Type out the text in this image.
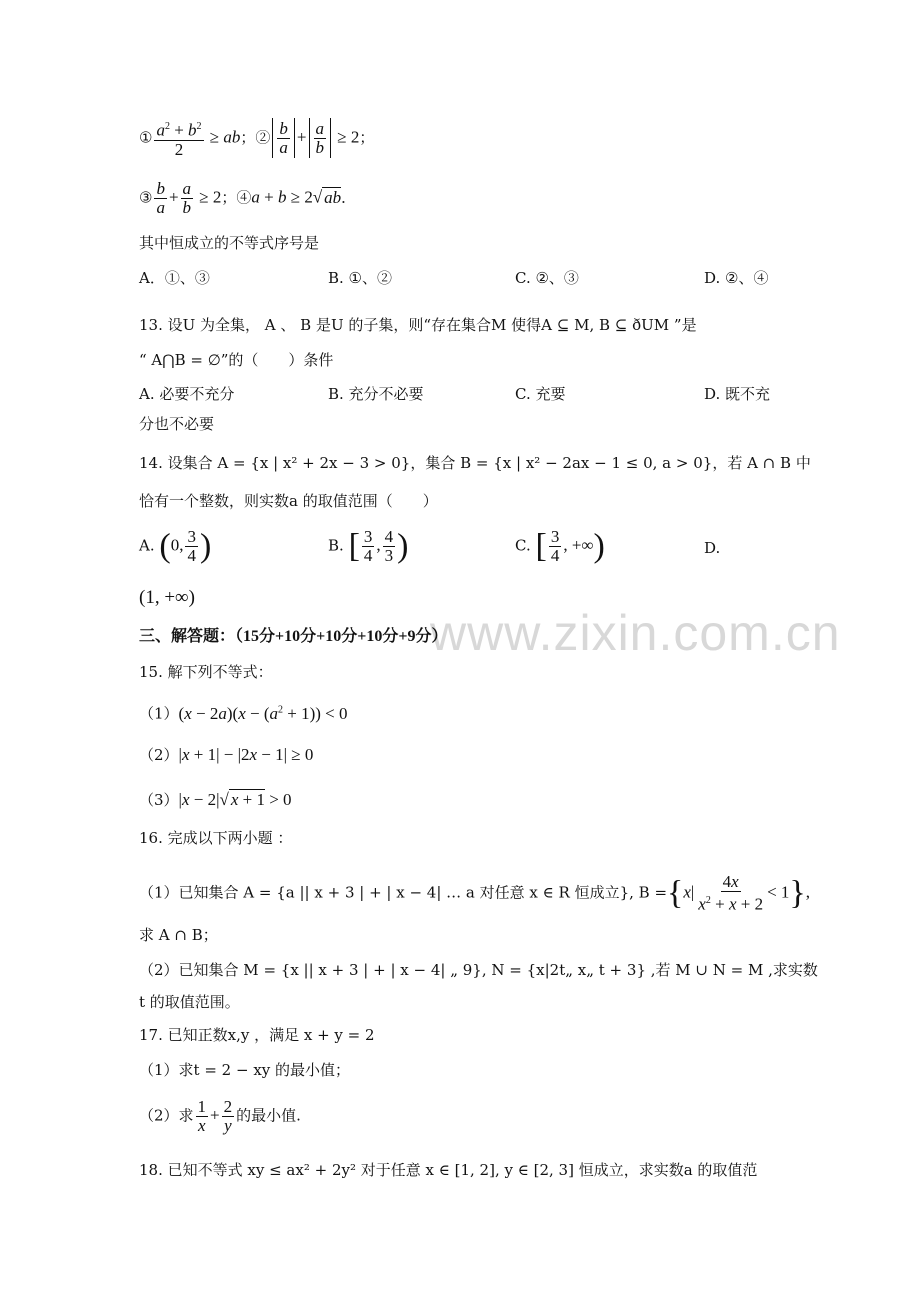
www.zixin.com.cn
① $\frac{a^2 + b^2}{2}$ ≥ ab；② $\frac{b}{a} + \frac{a}{b} \ge 2$；
③ $\frac{b}{a} + \frac{a}{b} \ge 2$；④a + b ≥ 2√ ab．
其中恒成立的不等式序号是
A．①、③	B. ①、②	C. ②、③	D. ②、④
13. 设U 为全集， A 、 B 是U 的子集，则“存在集合M 使得A ⊆ M, B ⊆ ðUM ”是
“ A⋂B = ∅”的（　　）条件
A. 必要不充分	B. 充分不必要	C. 充要	D. 既不充
分也不必要
14. 设集合 A = {x | x² + 2x − 3 > 0}，集合 B = {x | x² − 2ax − 1 ≤ 0, a > 0}，若 A ∩ B 中
恰有一个整数，则实数a 的取值范围（　　）
A. (0, $\frac{3}{4}$ )	B. [ $\frac{3}{4}$ , $\frac{4}{3}$ )	C. [ $\frac{3}{4}$ , +∞)	D.
(1, +∞)
三、解答题：（15分+10分+10分+10分+9分）
15. 解下列不等式：
$(1)(x - 2a)(x - (a^2 + 1)) < 0$
（2）|x + 1| − |2x − 1| ≥ 0
（3）|x − 2|√ x + 1 > 0
16. 完成以下两小题 ：
（1）已知集合 A = {a || x + 3 | + | x − 4| … a 对任意 x ∈ R 恒成立}, $B =\{x| \frac{4x}{x^2 + x + 2} < 1\}$,
求 A ∩ B；
（2）已知集合 M = {x || x + 3 | + | x − 4| „ 9}, N = {x|2t„ x„ t + 3} ,若 M ∪ N = M ,求实数
t 的取值范围。
17. 已知正数x,y ，满足 x + y = 2
（1）求t = 2 − xy 的最小值；
（2）求 $\frac{1}{x} + \frac{2}{y}$ 的最小值.
18. 已知不等式 xy ≤ ax² + 2y² 对于任意 x ∈ [1, 2], y ∈ [2, 3] 恒成立，求实数a 的取值范
